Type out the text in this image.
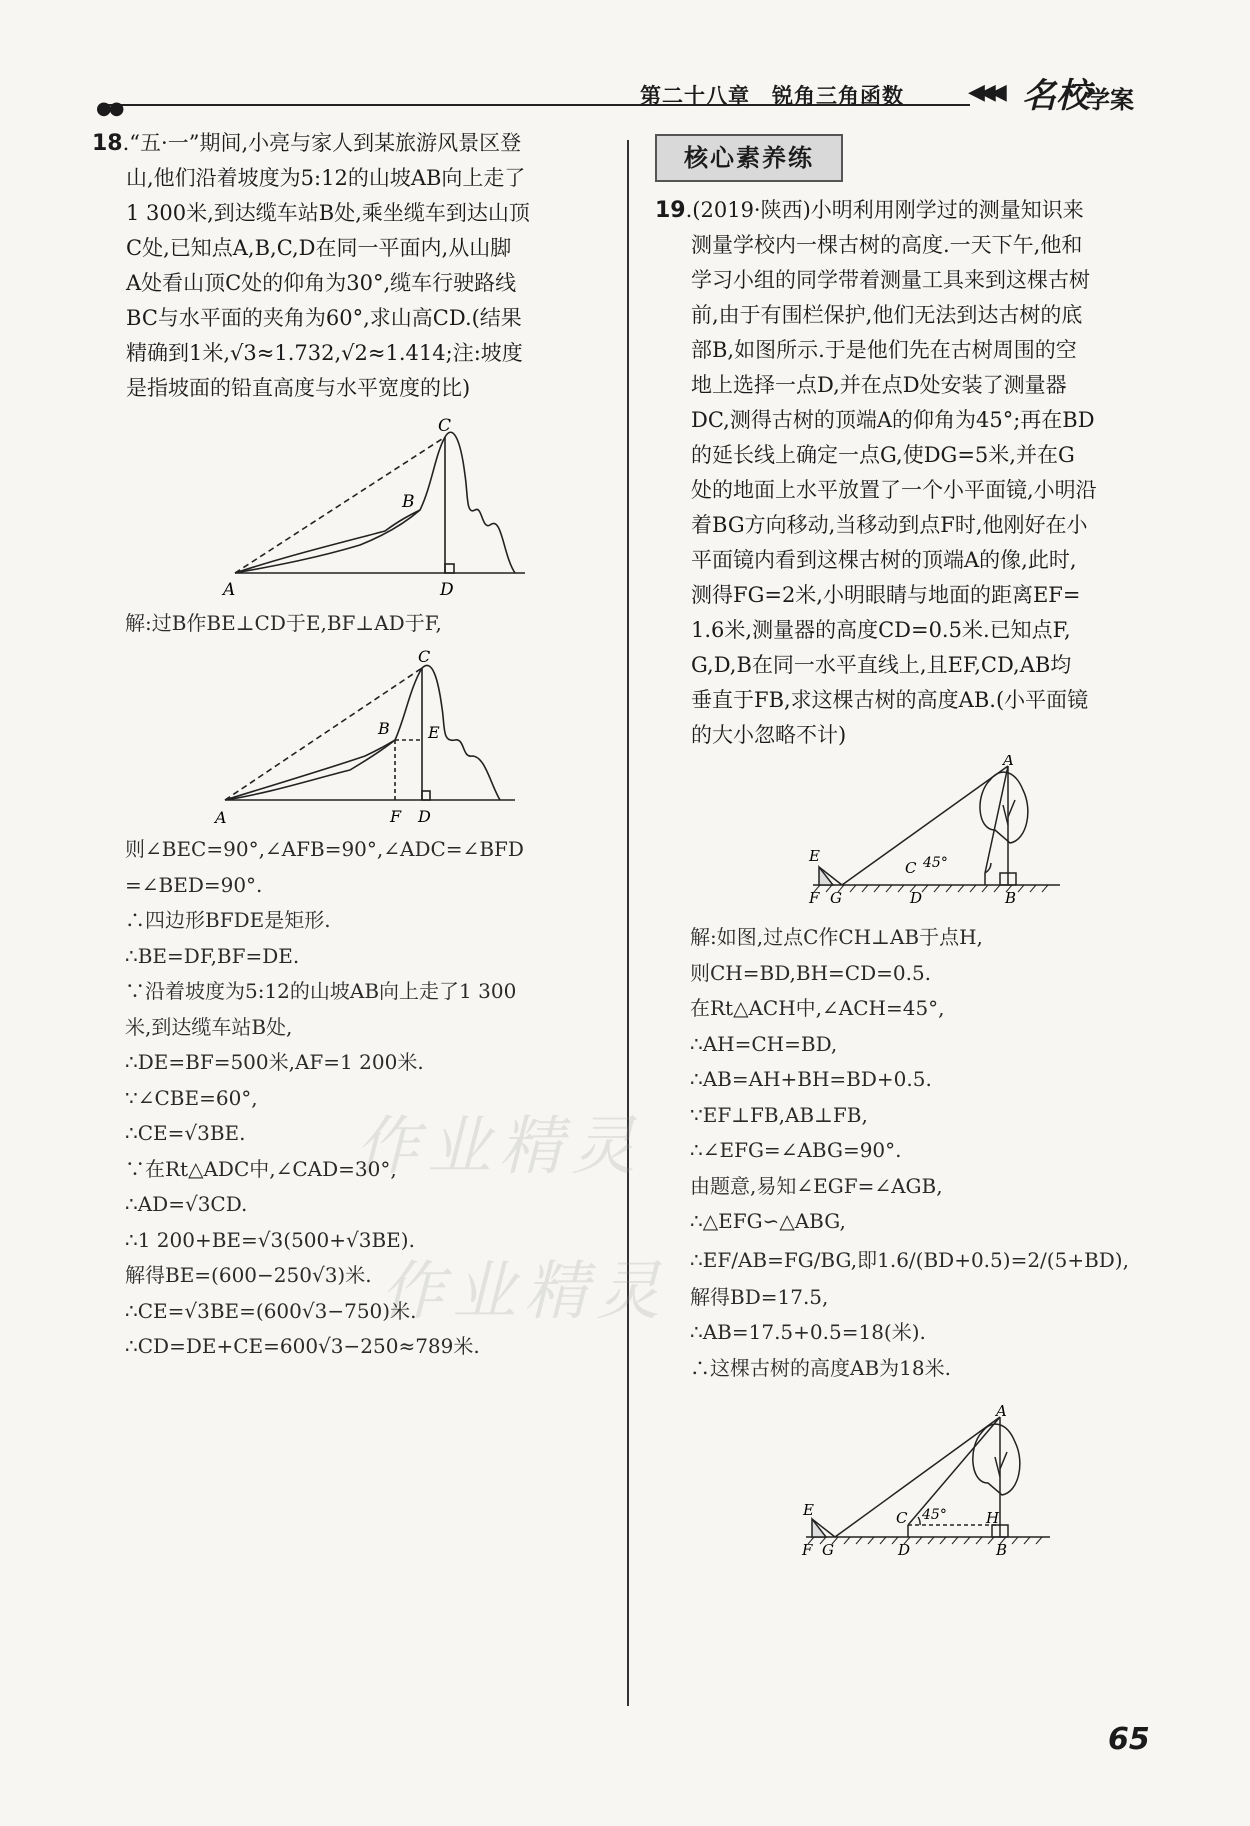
●●
第二十八章　锐角三角函数	◀◀◀ 名校
学案
作业精灵
作业精灵

18.“五·一”期间,小亮与家人到某旅游风景区登

山,他们沿着坡度为5:12的山坡AB向上走了

1 300米,到达缆车站B处,乘坐缆车到达山顶

C处,已知点A,B,C,D在同一平面内,从山脚

A处看山顶C处的仰角为30°,缆车行驶路线

BC与水平面的夹角为60°,求山高CD.(结果

精确到1米,√3≈1.732,√2≈1.414;注:坡度

是指坡面的铅直高度与水平宽度的比)

A
B
C
D
解:过B作BE⊥CD于E,BF⊥AD于F,
A
B
C
D
E
F

则∠BEC=90°,∠AFB=90°,∠ADC=∠BFD

=∠BED=90°.

∴四边形BFDE是矩形.

∴BE=DF,BF=DE.

∵沿着坡度为5:12的山坡AB向上走了1 300

米,到达缆车站B处,

∴DE=BF=500米,AF=1 200米.

∵∠CBE=60°,

∴CE=√3BE.

∵在Rt△ADC中,∠CAD=30°,

∴AD=√3CD.

∴1 200+BE=√3(500+√3BE).

解得BE=(600−250√3)米.

∴CE=√3BE=(600√3−750)米.

∴CD=DE+CE=600√3−250≈789米.

核心素养练

19.(2019·陕西)小明利用刚学过的测量知识来

测量学校内一棵古树的高度.一天下午,他和

学习小组的同学带着测量工具来到这棵古树

前,由于有围栏保护,他们无法到达古树的底

部B,如图所示.于是他们先在古树周围的空

地上选择一点D,并在点D处安装了测量器

DC,测得古树的顶端A的仰角为45°;再在BD

的延长线上确定一点G,使DG=5米,并在G

处的地面上水平放置了一个小平面镜,小明沿

着BG方向移动,当移动到点F时,他刚好在小

平面镜内看到这棵古树的顶端A的像,此时,

测得FG=2米,小明眼睛与地面的距离EF=

1.6米,测量器的高度CD=0.5米.已知点F,

G,D,B在同一水平直线上,且EF,CD,AB均

垂直于FB,求这棵古树的高度AB.(小平面镜

的大小忽略不计)

E
F G	D	B
A
C 45°

解:如图,过点C作CH⊥AB于点H,

则CH=BD,BH=CD=0.5.

在Rt△ACH中,∠ACH=45°,

∴AH=CH=BD,

∴AB=AH+BH=BD+0.5.

∵EF⊥FB,AB⊥FB,

∴∠EFG=∠ABG=90°.

由题意,易知∠EGF=∠AGB,

∴△EFG∽△ABG,

∴EF/AB=FG/BG,即1.6/(BD+0.5)=2/(5+BD),

解得BD=17.5,

∴AB=17.5+0.5=18(米).

∴这棵古树的高度AB为18米.

E
F G	D	B
A
C	H
45°
65
